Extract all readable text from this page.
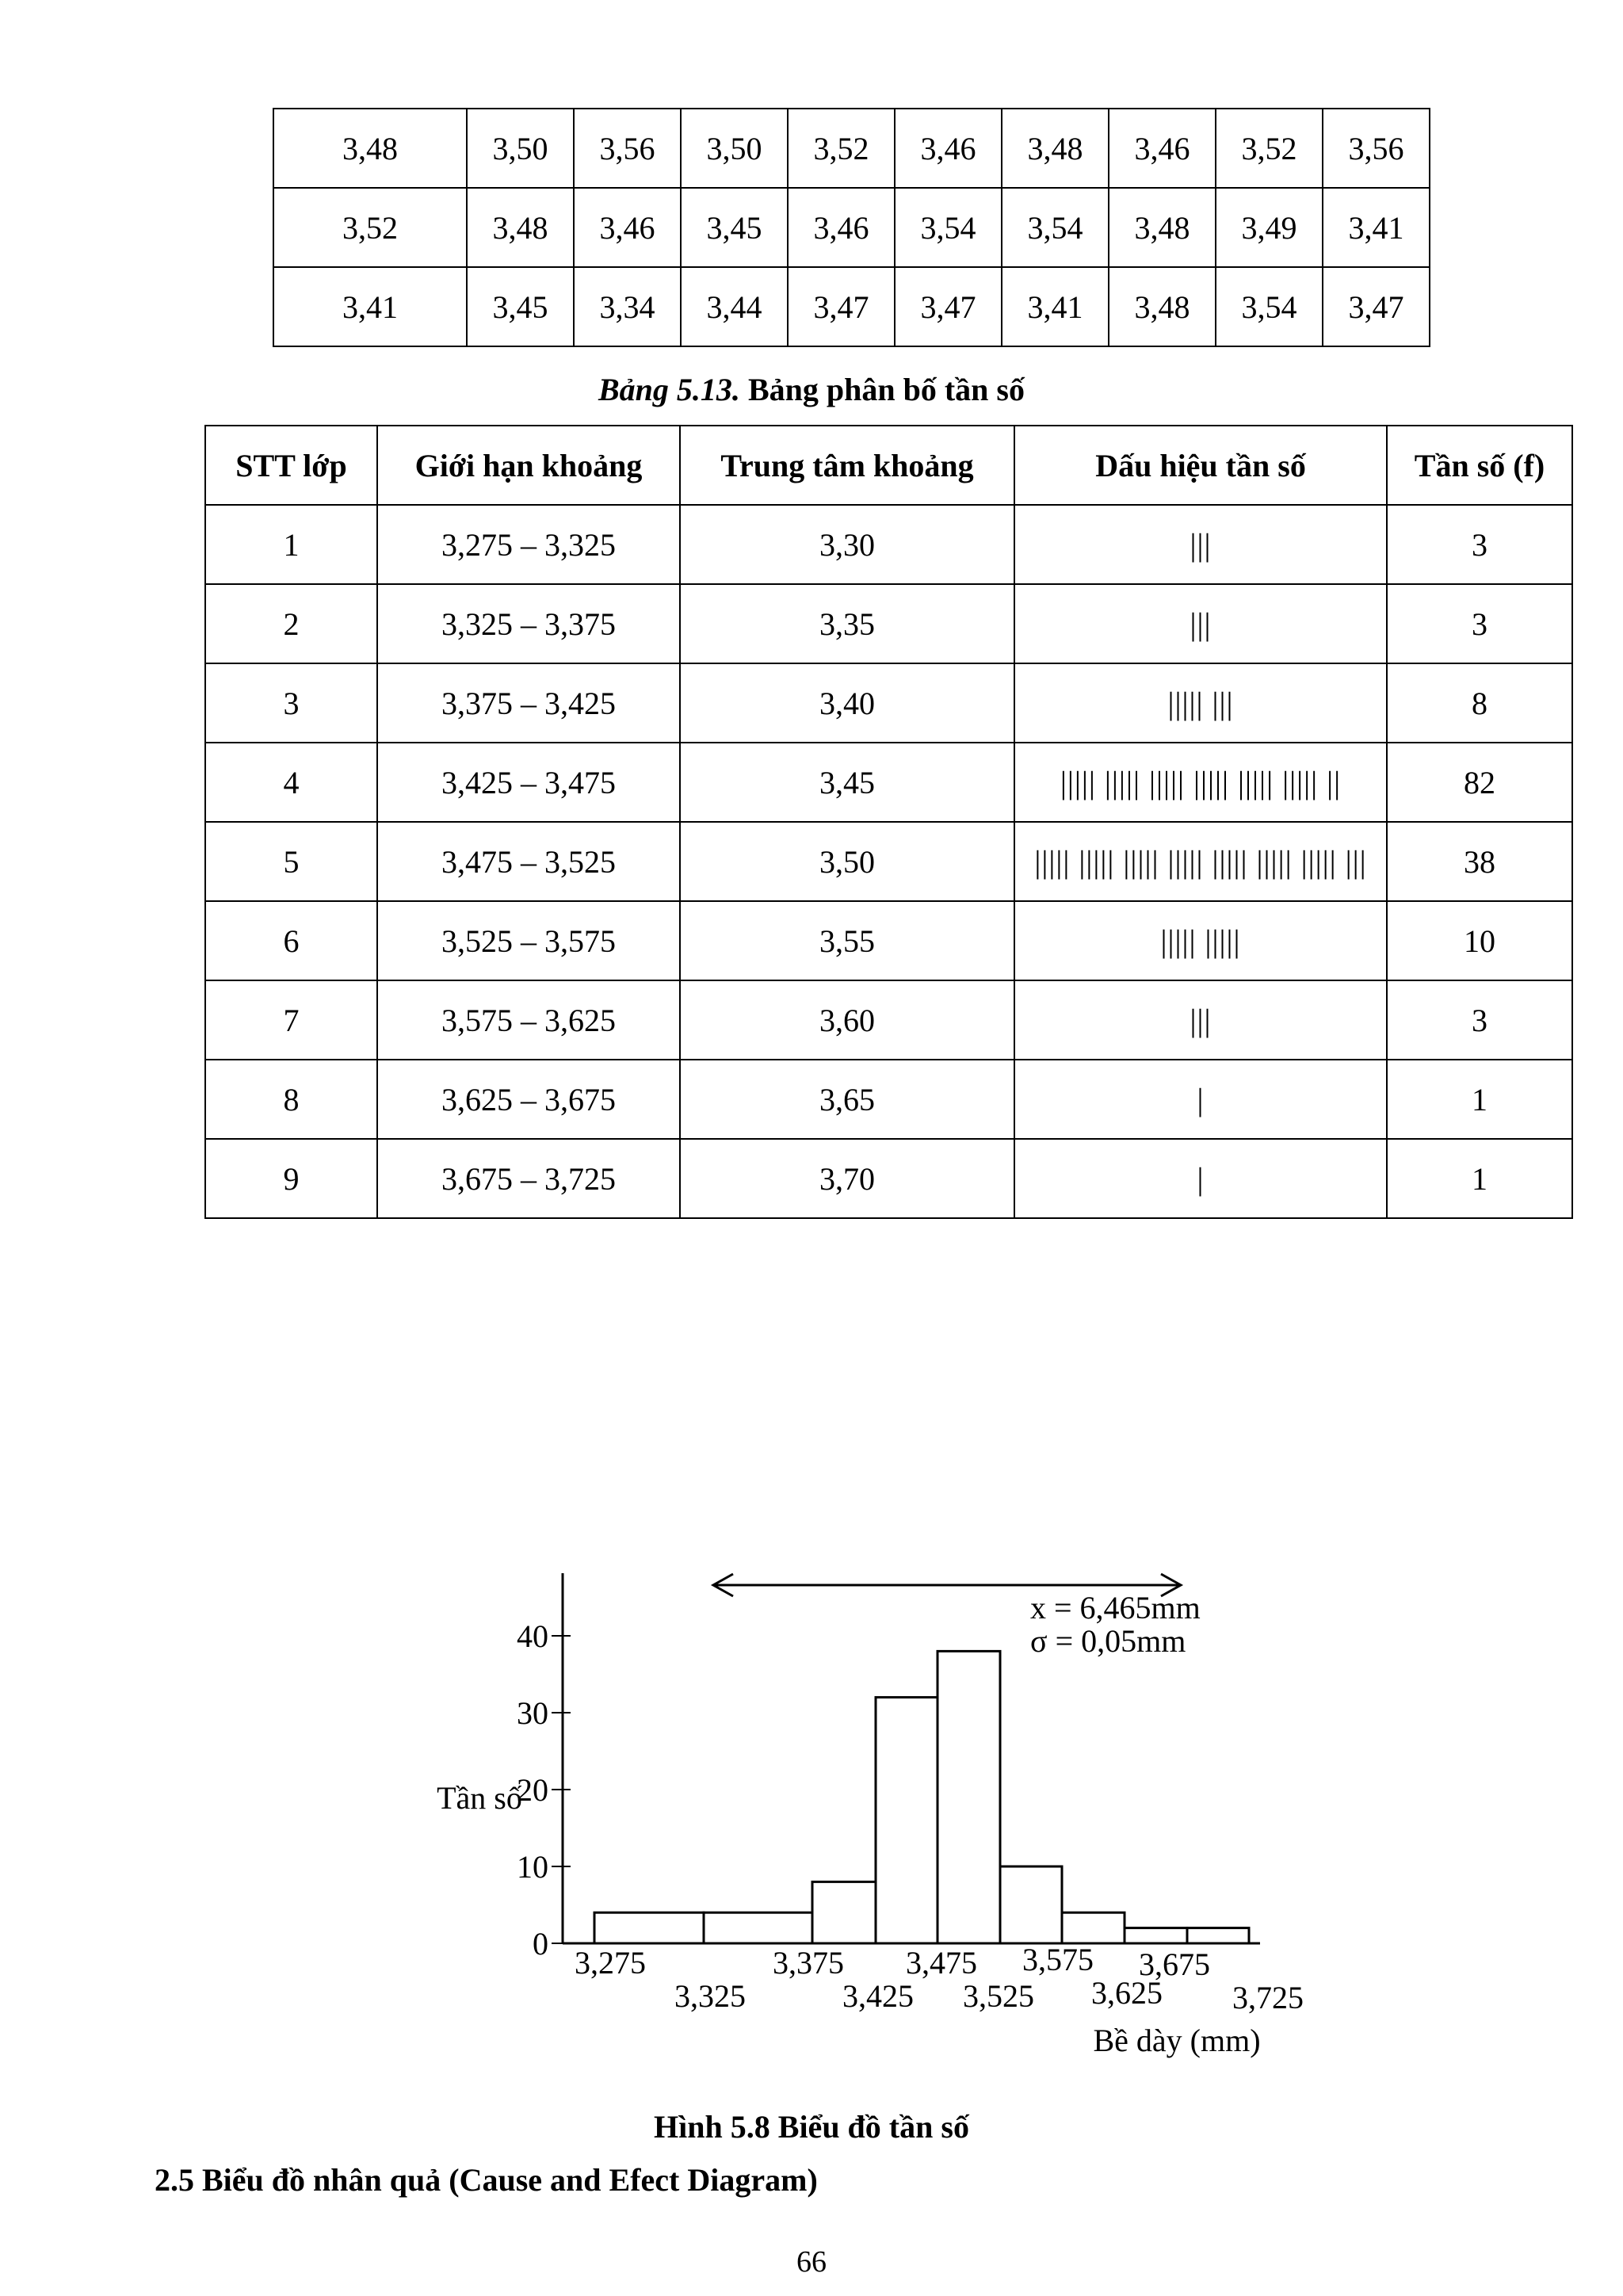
3,48	3,50	3,56	3,50	3,52	3,46	3,48	3,46	3,52	3,56
3,52	3,48	3,46	3,45	3,46	3,54	3,54	3,48	3,49	3,41
3,41	3,45	3,34	3,44	3,47	3,47	3,41	3,48	3,54	3,47
Bảng 5.13. Bảng phân bố tần số
STT lớp	Giới hạn khoảng	Trung tâm khoảng	Dấu hiệu tần số	Tần số (f)
1	3,275 – 3,325	3,30	|||	3
2	3,325 – 3,375	3,35	|||	3
3	3,375 – 3,425	3,40	||||| |||	8
4	3,425 – 3,475	3,45	||||| ||||| ||||| ||||| ||||| ||||| ||	82
5	3,475 – 3,525	3,50	||||| ||||| ||||| ||||| ||||| ||||| ||||| |||	38
6	3,525 – 3,575	3,55	||||| |||||	10
7	3,575 – 3,625	3,60	|||	3
8	3,625 – 3,675	3,65	|	1
9	3,675 – 3,725	3,70	|	1
0
10
20
30
40
Tần số
3,275
3,325
3,375
3,425
3,475
3,525
3,575
3,625
3,675
3,725
Bề dày (mm)
x = 6,465mm
σ = 0,05mm
Hình 5.8 Biểu đồ tần số
2.5 Biểu đồ nhân quả (Cause and Efect Diagram)
66
